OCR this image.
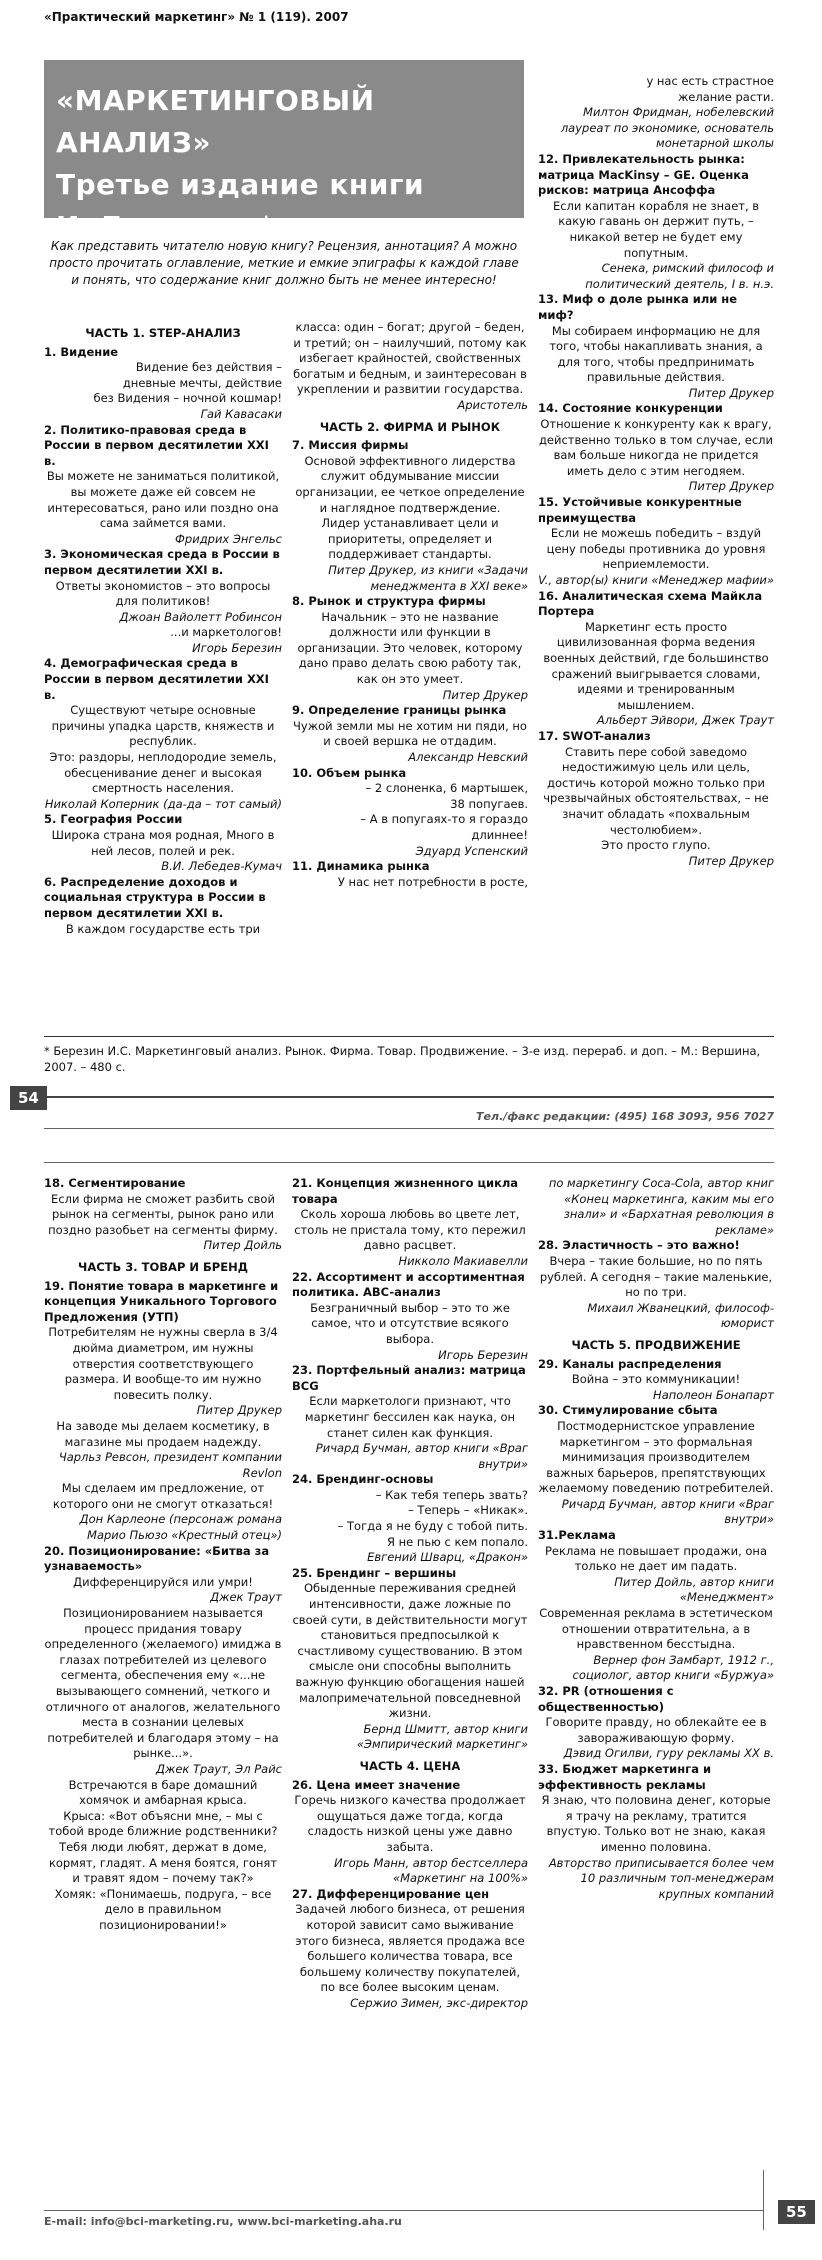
«Практический маркетинг» № 1 (119). 2007
«МАРКЕТИНГОВЫЙ АНАЛИЗ»
Третье издание книги
И. Березина*
Как представить читателю новую книгу? Рецензия, аннотация? А можно просто прочитать оглавление, меткие и емкие эпиграфы к каждой главе и понять, что содержание книг должно быть не менее интересно!

ЧАСТЬ 1. STEP-АНАЛИЗ

1. Видение

Видение без действия –

дневные мечты, действие

без Видения – ночной кошмар!

Гай Кавасаки

2. Политико-правовая среда в России в первом десятилетии XXI в.

Вы можете не заниматься политикой, вы можете даже ей совсем не интересоваться, рано или поздно она сама займется вами.

Фридрих Энгельс

3. Экономическая среда в России в первом десятилетии XXI в.

Ответы экономистов – это вопросы для политиков!

Джоан Вайолетт Робинсон

...и маркетологов!

Игорь Березин

4. Демографическая среда в России в первом десятилетии XXI в.

Существуют четыре основные причины упадка царств, княжеств и республик.

Это: раздоры, неплодородие земель, обесценивание денег и высокая смертность населения.

Николай Коперник (да-да – тот самый)

5. География России

Широка страна моя родная, Много в ней лесов, полей и рек.

В.И. Лебедев-Кумач

6. Распределение доходов и социальная структура в России в первом десятилетии XXI в.

В каждом государстве есть три

класса: один – богат; другой – беден, и третий; он – наилучший, потому как избегает крайностей, свойственных богатым и бедным, и заинтересован в укреплении и развитии государства.

Аристотель

ЧАСТЬ 2. ФИРМА И РЫНОК

7. Миссия фирмы

Основой эффективного лидерства служит обдумывание миссии организации, ее четкое определение и наглядное подтверждение.

Лидер устанавливает цели и приоритеты, определяет и поддерживает стандарты.

Питер Друкер, из книги «Задачи менеджмента в XXI веке»

8. Рынок и структура фирмы

Начальник – это не название должности или функции в организации. Это человек, которому дано право делать свою работу так, как он это умеет.

Питер Друкер

9. Определение границы рынка

Чужой земли мы не хотим ни пяди, но и своей вершка не отдадим.

Александр Невский

10. Объем рынка

– 2 слоненка, 6 мартышек,

38 попугаев.

– А в попугаях-то я гораздо

длиннее!

Эдуард Успенский

11. Динамика рынка

У нас нет потребности в росте,

у нас есть страстное

желание расти.

Милтон Фридман, нобелевский лауреат по экономике, основатель монетарной школы

12. Привлекательность рынка: матрица MacKinsy – GE. Оценка рисков: матрица Ансоффа

Если капитан корабля не знает, в какую гавань он держит путь, – никакой ветер не будет ему попутным.

Сенека, римский философ и политический деятель, I в. н.э.

13. Миф о доле рынка или не миф?

Мы собираем информацию не для того, чтобы накапливать знания, а для того, чтобы предпринимать правильные действия.

Питер Друкер

14. Состояние конкуренции

Отношение к конкуренту как к врагу, действенно только в том случае, если вам больше никогда не придется иметь дело с этим негодяем.

Питер Друкер

15. Устойчивые конкурентные преимущества

Если не можешь победить – вздуй цену победы противника до уровня неприемлемости.

V., автор(ы) книги «Менеджер мафии»

16. Аналитическая схема Майкла Портера

Маркетинг есть просто цивилизованная форма ведения военных действий, где большинство сражений выигрывается словами, идеями и тренированным мышлением.

Альберт Эйвори, Джек Траут

17. SWOT-анализ

Ставить пере собой заведомо недостижимую цель или цель, достичь которой можно только при чрезвычайных обстоятельствах, – не значит обладать «похвальным честолюбием».

Это просто глупо.

Питер Друкер

* Березин И.С. Маркетинговый анализ. Рынок. Фирма. Товар. Продвижение. – 3-е изд. перераб. и доп. – М.: Вершина, 2007. – 480 с.
54
Тел./факс редакции: (495) 168 3093, 956 7027

18. Сегментирование

Если фирма не сможет разбить свой рынок на сегменты, рынок рано или поздно разобьет на сегменты фирму.

Питер Дойль

ЧАСТЬ 3. ТОВАР И БРЕНД

19. Понятие товара в маркетинге и концепция Уникального Торгового Предложения (УТП)

Потребителям не нужны сверла в 3/4 дюйма диаметром, им нужны отверстия соответствующего размера. И вообще-то им нужно повесить полку.

Питер Друкер

На заводе мы делаем косметику, в магазине мы продаем надежду.

Чарльз Ревсон, президент компании Revlon

Мы сделаем им предложение, от которого они не смогут отказаться!

Дон Карлеоне (персонаж романа Марио Пьюзо «Крестный отец»)

20. Позиционирование: «Битва за узнаваемость»

Дифференцируйся или умри!

Джек Траут

Позиционированием называется процесс придания товару определенного (желаемого) имиджа в глазах потребителей из целевого сегмента, обеспечения ему «...не вызывающего сомнений, четкого и отличного от аналогов, желательного места в сознании целевых потребителей и благодаря этому – на рынке...».

Джек Траут, Эл Райс

Встречаются в баре домашний хомячок и амбарная крыса.

Крыса: «Вот объясни мне, – мы с тобой вроде ближние родственники? Тебя люди любят, держат в доме, кормят, гладят. А меня боятся, гонят и травят ядом – почему так?»

Хомяк: «Понимаешь, подруга, – все дело в правильном позиционировании!»

21. Концепция жизненного цикла товара

Сколь хороша любовь во цвете лет, столь не пристала тому, кто пережил давно расцвет.

Никколо Макиавелли

22. Ассортимент и ассортиментная политика. ABC-анализ

Безграничный выбор – это то же самое, что и отсутствие всякого выбора.

Игорь Березин

23. Портфельный анализ: матрица BCG

Если маркетологи признают, что маркетинг бессилен как наука, он станет силен как функция.

Ричард Бучман, автор книги «Враг внутри»

24. Брендинг-основы

– Как тебя теперь звать?

– Теперь – «Никак».

– Тогда я не буду с тобой пить.

Я не пью с кем попало.

Евгений Шварц, «Дракон»

25. Брендинг – вершины

Обыденные переживания средней интенсивности, даже ложные по своей сути, в действительности могут становиться предпосылкой к счастливому существованию. В этом смысле они способны выполнить важную функцию обогащения нашей малопримечательной повседневной жизни.

Бернд Шмитт, автор книги «Эмпирический маркетинг»

ЧАСТЬ 4. ЦЕНА

26. Цена имеет значение

Горечь низкого качества продолжает ощущаться даже тогда, когда сладость низкой цены уже давно забыта.

Игорь Манн, автор бестселлера «Маркетинг на 100%»

27. Дифференцирование цен

Задачей любого бизнеса, от решения которой зависит само выживание этого бизнеса, является продажа все большего количества товара, все большему количеству покупателей, по все более высоким ценам.

Сержио Зимен, экс-директор

по маркетингу Coca-Cola, автор книг «Конец маркетинга, каким мы его знали» и «Бархатная революция в рекламе»

28. Эластичность – это важно!

Вчера – такие большие, но по пять рублей. А сегодня – такие маленькие, но по три.

Михаил Жванецкий, философ-юморист

ЧАСТЬ 5. ПРОДВИЖЕНИЕ

29. Каналы распределения

Война – это коммуникации!

Наполеон Бонапарт

30. Стимулирование сбыта

Постмодернистское управление маркетингом – это формальная минимизация производителем важных барьеров, препятствующих желаемому поведению потребителей.

Ричард Бучман, автор книги «Враг внутри»

31.Реклама

Реклама не повышает продажи, она только не дает им падать.

Питер Дойль, автор книги «Менеджмент»

Современная реклама в эстетическом отношении отвратительна, а в нравственном бесстыдна.

Вернер фон Замбарт, 1912 г., социолог, автор книги «Буржуа»

32. PR (отношения с общественностью)

Говорите правду, но облекайте ее в завораживающую форму.

Дэвид Огилви, гуру рекламы XX в.

33. Бюджет маркетинга и эффективность рекламы

Я знаю, что половина денег, которые я трачу на рекламу, тратится впустую. Только вот не знаю, какая именно половина.

Авторство приписывается более чем 10 различным топ-менеджерам крупных компаний

E-mail: info@bci-marketing.ru, www.bci-marketing.aha.ru
55
